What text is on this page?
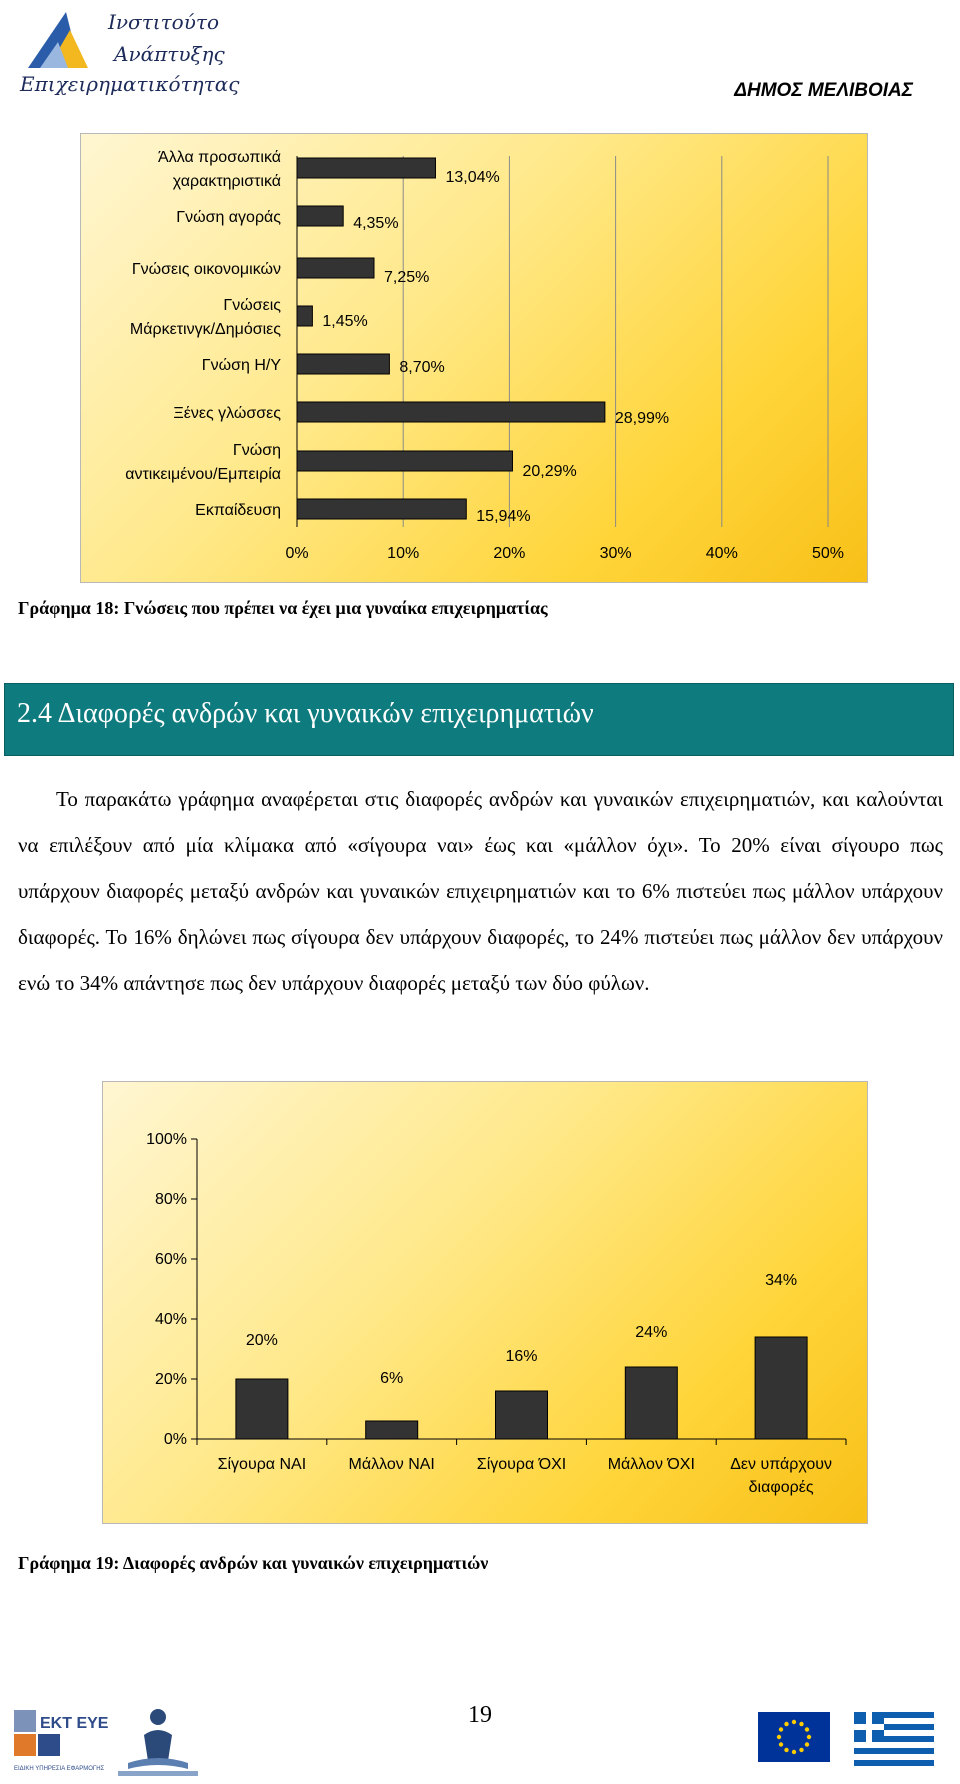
Ινστιτούτο
Ανάπτυξης
Επιχειρηματικότητας	ΔΗΜΟΣ ΜΕΛΙΒΟΙΑΣ
0%	10%	20%	30%	40%	50%
13,04%
Άλλα προσωπικά
χαρακτηριστικά
4,35%
Γνώση αγοράς
7,25%
Γνώσεις οικονομικών
1,45%
Γνώσεις
Μάρκετινγκ/Δημόσιες
8,70%
Γνώση Η/Υ
28,99%
Ξένες γλώσσες
20,29%
Γνώση
αντικειμένου/Εμπειρία
15,94%
Εκπαίδευση
Γράφημα 18: Γνώσεις που πρέπει να έχει μια γυναίκα επιχειρηματίας
2.4 Διαφορές ανδρών και γυναικών επιχειρηματιών

Το παρακάτω γράφημα αναφέρεται στις διαφορές ανδρών και γυναικών επιχειρηματιών, και καλούνται να επιλέξουν από μία κλίμακα από «σίγουρα ναι» έως και «μάλλον όχι». Το 20% είναι σίγουρο πως υπάρχουν διαφορές μεταξύ ανδρών και γυναικών επιχειρηματιών και το 6% πιστεύει πως μάλλον υπάρχουν διαφορές. Το 16% δηλώνει πως σίγουρα δεν υπάρχουν διαφορές, το 24% πιστεύει πως μάλλον δεν υπάρχουν ενώ το 34% απάντησε πως δεν υπάρχουν διαφορές μεταξύ των δύο φύλων.

0%
20%
40%
60%
80%
100%
20%
Σίγουρα ΝΑΙ
6%
Μάλλον ΝΑΙ
16%
Σίγουρα ΌΧΙ
24%
Μάλλον ΌΧΙ
34%
Δεν υπάρχουν
διαφορές
Γράφημα 19: Διαφορές ανδρών και γυναικών επιχειρηματιών
ΕΚΤ ΕΥΕ
ΕΙΔΙΚΗ ΥΠΗΡΕΣΙΑ ΕΦΑΡΜΟΓΗΣ
19
